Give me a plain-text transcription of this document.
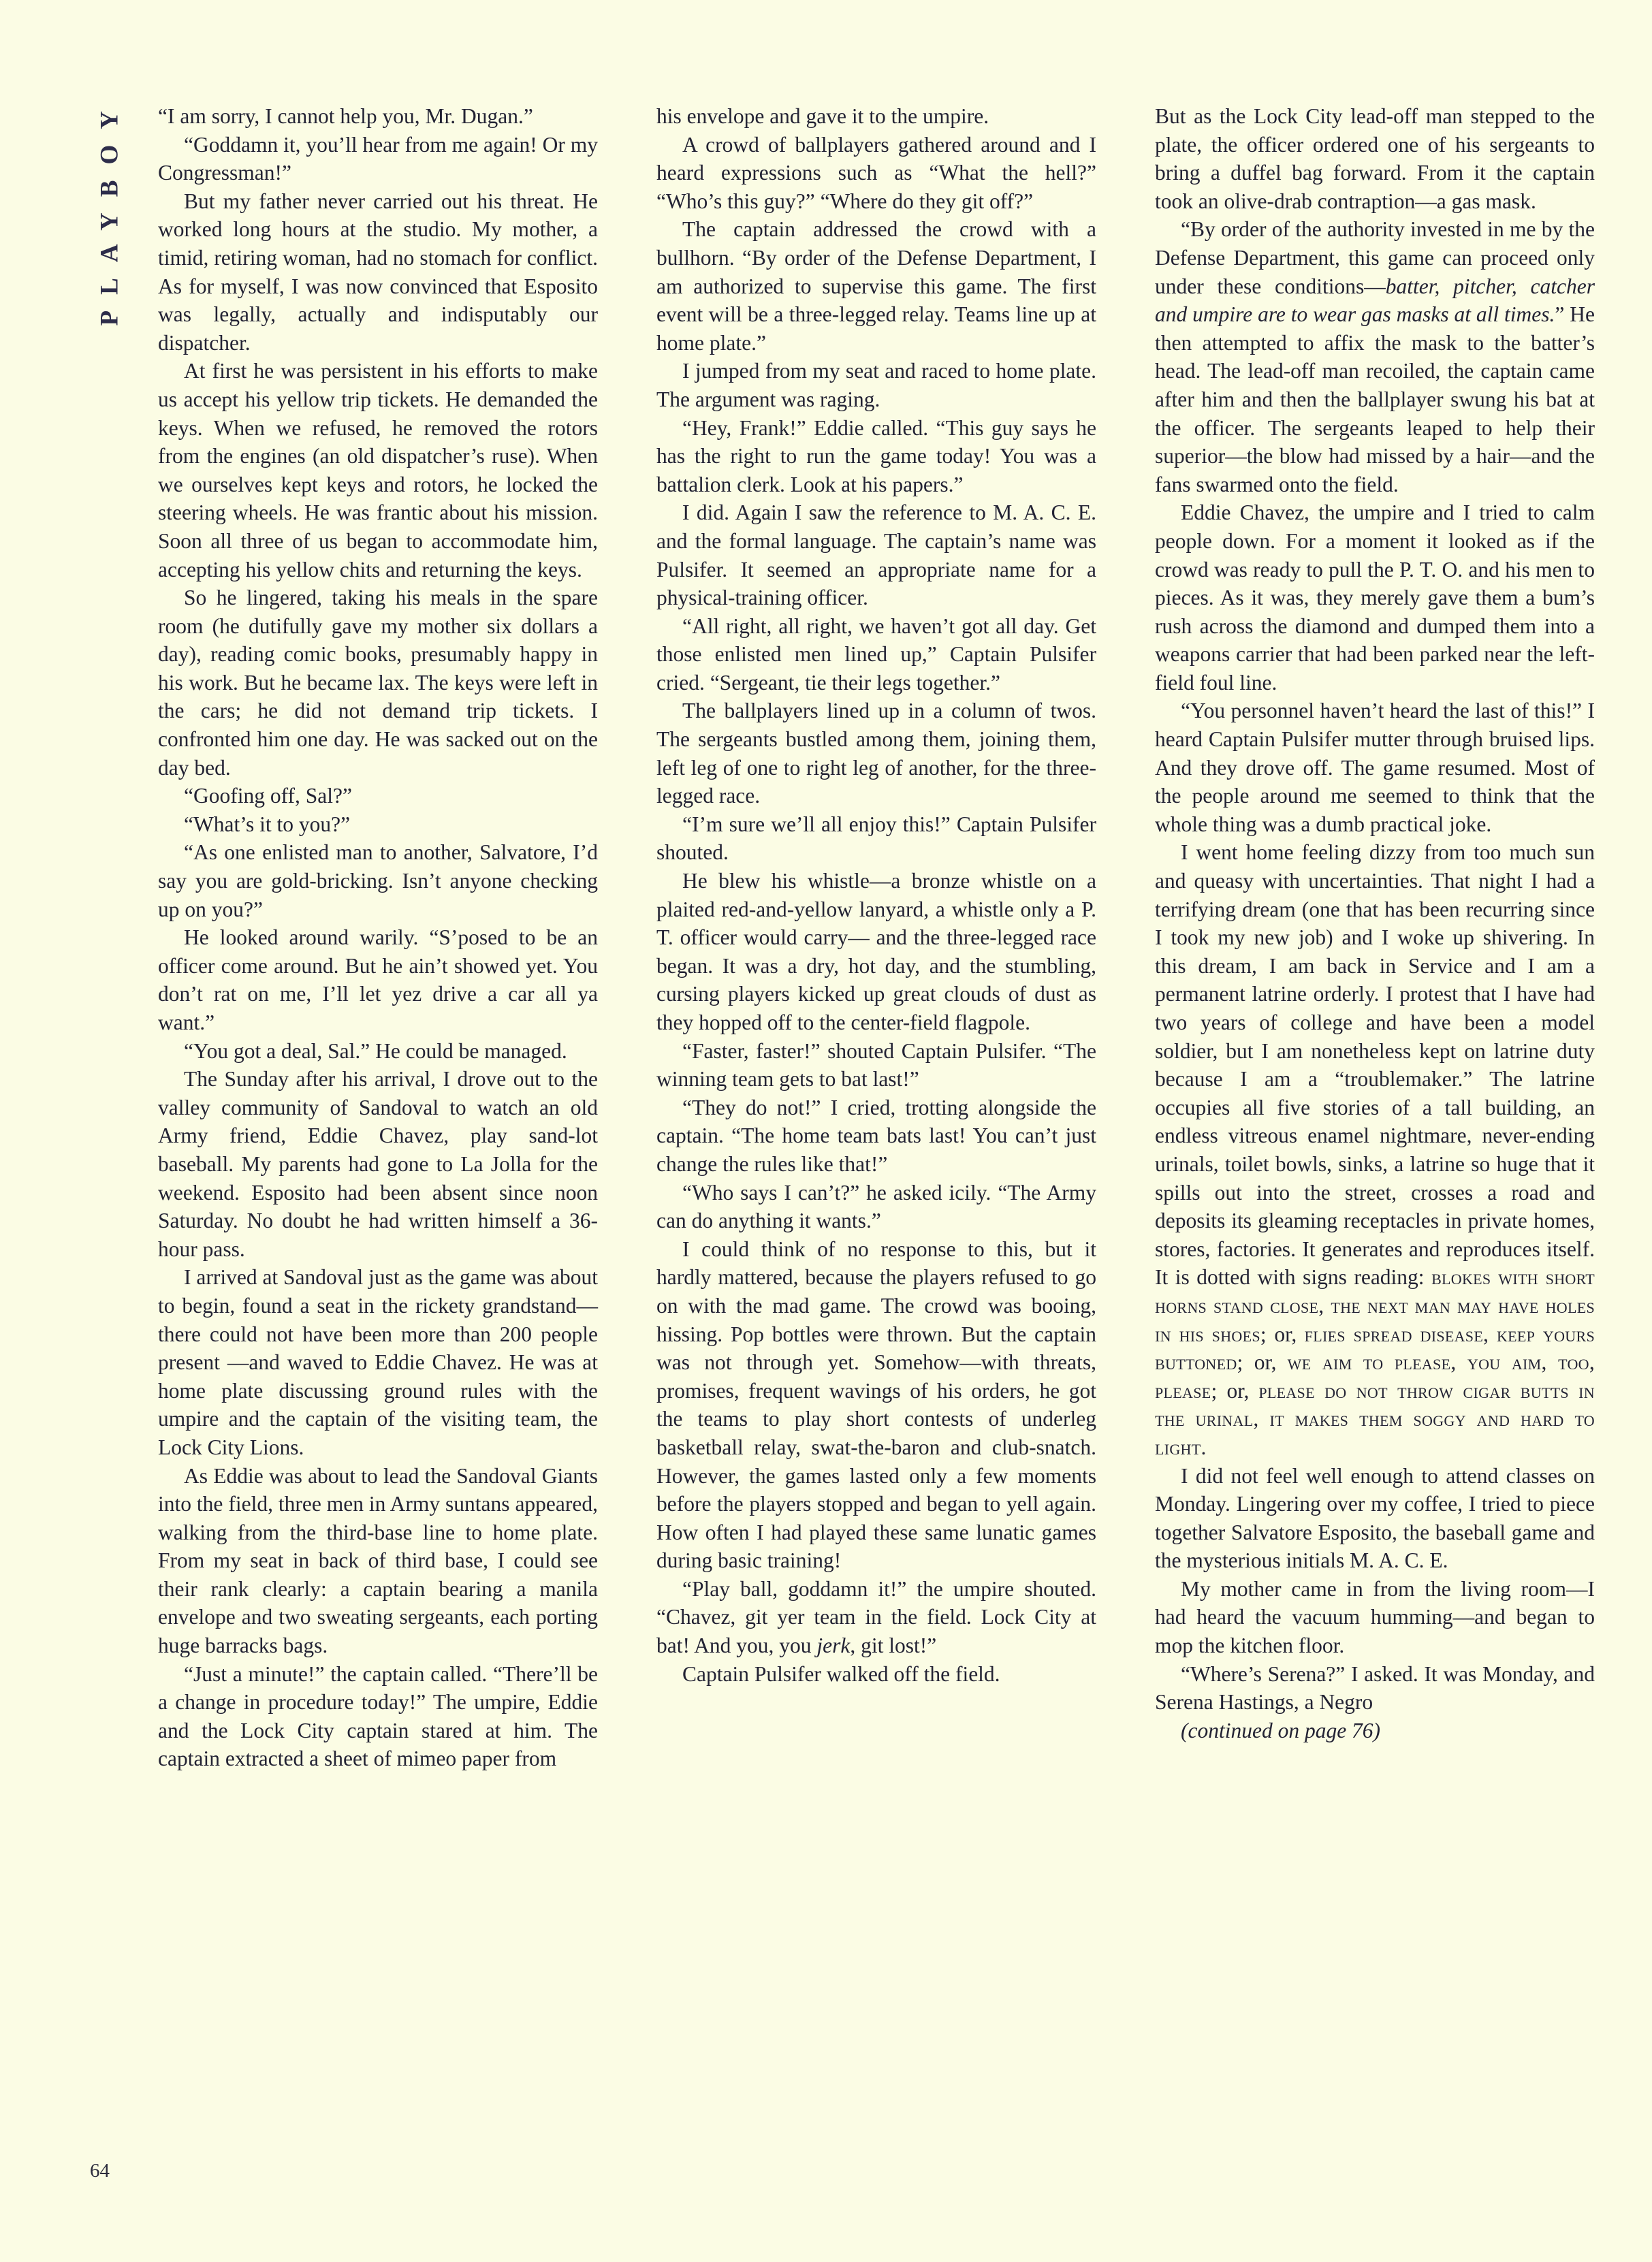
PLAYBOY “I am sorry, I cannot help you, Mr. Dugan.”

“Goddamn it, you’ll hear from me again! Or my Congressman!”

But my father never carried out his threat. He worked long hours at the studio. My mother, a timid, retiring woman, had no stomach for conflict. As for myself, I was now convinced that Esposito was legally, actually and indisputably our dispatcher.

At first he was persistent in his efforts to make us accept his yellow trip tickets. He demanded the keys. When we refused, he removed the rotors from the engines (an old dispatcher’s ruse). When we ourselves kept keys and rotors, he locked the steering wheels. He was frantic about his mission. Soon all three of us began to accommodate him, accepting his yellow chits and returning the keys.

So he lingered, taking his meals in the spare room (he dutifully gave my mother six dollars a day), reading comic books, presumably happy in his work. But he became lax. The keys were left in the cars; he did not demand trip tickets. I confronted him one day. He was sacked out on the day bed.

“Goofing off, Sal?”

“What’s it to you?”

“As one enlisted man to another, Salvatore, I’d say you are gold-bricking. Isn’t anyone checking up on you?”

He looked around warily. “S’posed to be an officer come around. But he ain’t showed yet. You don’t rat on me, I’ll let yez drive a car all ya want.”

“You got a deal, Sal.” He could be managed.

The Sunday after his arrival, I drove out to the valley community of Sandoval to watch an old Army friend, Eddie Chavez, play sand-lot baseball. My parents had gone to La Jolla for the weekend. Esposito had been absent since noon Saturday. No doubt he had written himself a 36-hour pass.

I arrived at Sandoval just as the game was about to begin, found a seat in the rickety grandstand—there could not have been more than 200 people present —and waved to Eddie Chavez. He was at home plate discussing ground rules with the umpire and the captain of the visiting team, the Lock City Lions.

As Eddie was about to lead the Sandoval Giants into the field, three men in Army suntans appeared, walking from the third-base line to home plate. From my seat in back of third base, I could see their rank clearly: a captain bearing a manila envelope and two sweating sergeants, each porting huge barracks bags.

“Just a minute!” the captain called. “There’ll be a change in procedure today!” The umpire, Eddie and the Lock City captain stared at him. The captain extracted a sheet of mimeo paper from

his envelope and gave it to the umpire.

A crowd of ballplayers gathered around and I heard expressions such as “What the hell?” “Who’s this guy?” “Where do they git off?”

The captain addressed the crowd with a bullhorn. “By order of the Defense Department, I am authorized to supervise this game. The first event will be a three-legged relay. Teams line up at home plate.”

I jumped from my seat and raced to home plate. The argument was raging.

“Hey, Frank!” Eddie called. “This guy says he has the right to run the game today! You was a battalion clerk. Look at his papers.”

I did. Again I saw the reference to M. A. C. E. and the formal language. The captain’s name was Pulsifer. It seemed an appropriate name for a physical-training officer.

“All right, all right, we haven’t got all day. Get those enlisted men lined up,” Captain Pulsifer cried. “Sergeant, tie their legs together.”

The ballplayers lined up in a column of twos. The sergeants bustled among them, joining them, left leg of one to right leg of another, for the three-legged race.

“I’m sure we’ll all enjoy this!” Captain Pulsifer shouted.

He blew his whistle—a bronze whistle on a plaited red-and-yellow lanyard, a whistle only a P. T. officer would carry— and the three-legged race began. It was a dry, hot day, and the stumbling, cursing players kicked up great clouds of dust as they hopped off to the center-field flagpole.

“Faster, faster!” shouted Captain Pulsifer. “The winning team gets to bat last!”

“They do not!” I cried, trotting alongside the captain. “The home team bats last! You can’t just change the rules like that!”

“Who says I can’t?” he asked icily. “The Army can do anything it wants.”

I could think of no response to this, but it hardly mattered, because the players refused to go on with the mad game. The crowd was booing, hissing. Pop bottles were thrown. But the captain was not through yet. Somehow—with threats, promises, frequent wavings of his orders, he got the teams to play short contests of underleg basketball relay, swat-the-baron and club-snatch. However, the games lasted only a few moments before the players stopped and began to yell again. How often I had played these same lunatic games during basic training!

“Play ball, goddamn it!” the umpire shouted. “Chavez, git yer team in the field. Lock City at bat! And you, you jerk, git lost!”

Captain Pulsifer walked off the field.

But as the Lock City lead-off man stepped to the plate, the officer ordered one of his sergeants to bring a duffel bag forward. From it the captain took an olive-drab contraption—a gas mask.

“By order of the authority invested in me by the Defense Department, this game can proceed only under these conditions—batter, pitcher, catcher and umpire are to wear gas masks at all times.” He then attempted to affix the mask to the batter’s head. The lead-off man recoiled, the captain came after him and then the ballplayer swung his bat at the officer. The sergeants leaped to help their superior—the blow had missed by a hair—and the fans swarmed onto the field.

Eddie Chavez, the umpire and I tried to calm people down. For a moment it looked as if the crowd was ready to pull the P. T. O. and his men to pieces. As it was, they merely gave them a bum’s rush across the diamond and dumped them into a weapons carrier that had been parked near the left-field foul line.

“You personnel haven’t heard the last of this!” I heard Captain Pulsifer mutter through bruised lips. And they drove off. The game resumed. Most of the people around me seemed to think that the whole thing was a dumb practical joke.

I went home feeling dizzy from too much sun and queasy with uncertainties. That night I had a terrifying dream (one that has been recurring since I took my new job) and I woke up shivering. In this dream, I am back in Service and I am a permanent latrine orderly. I protest that I have had two years of college and have been a model soldier, but I am nonetheless kept on latrine duty because I am a “troublemaker.” The latrine occupies all five stories of a tall building, an endless vitreous enamel nightmare, never-ending urinals, toilet bowls, sinks, a latrine so huge that it spills out into the street, crosses a road and deposits its gleaming receptacles in private homes, stores, factories. It generates and reproduces itself. It is dotted with signs reading: blokes with short horns stand close, the next man may have holes in his shoes; or, flies spread disease, keep yours buttoned; or, we aim to please, you aim, too, please; or, please do not throw cigar butts in the urinal, it makes them soggy and hard to light.

I did not feel well enough to attend classes on Monday. Lingering over my coffee, I tried to piece together Salvatore Esposito, the baseball game and the mysterious initials M. A. C. E.

My mother came in from the living room—I had heard the vacuum humming—and began to mop the kitchen floor.

“Where’s Serena?” I asked. It was Monday, and Serena Hastings, a Negro

(continued on page 76)

64
